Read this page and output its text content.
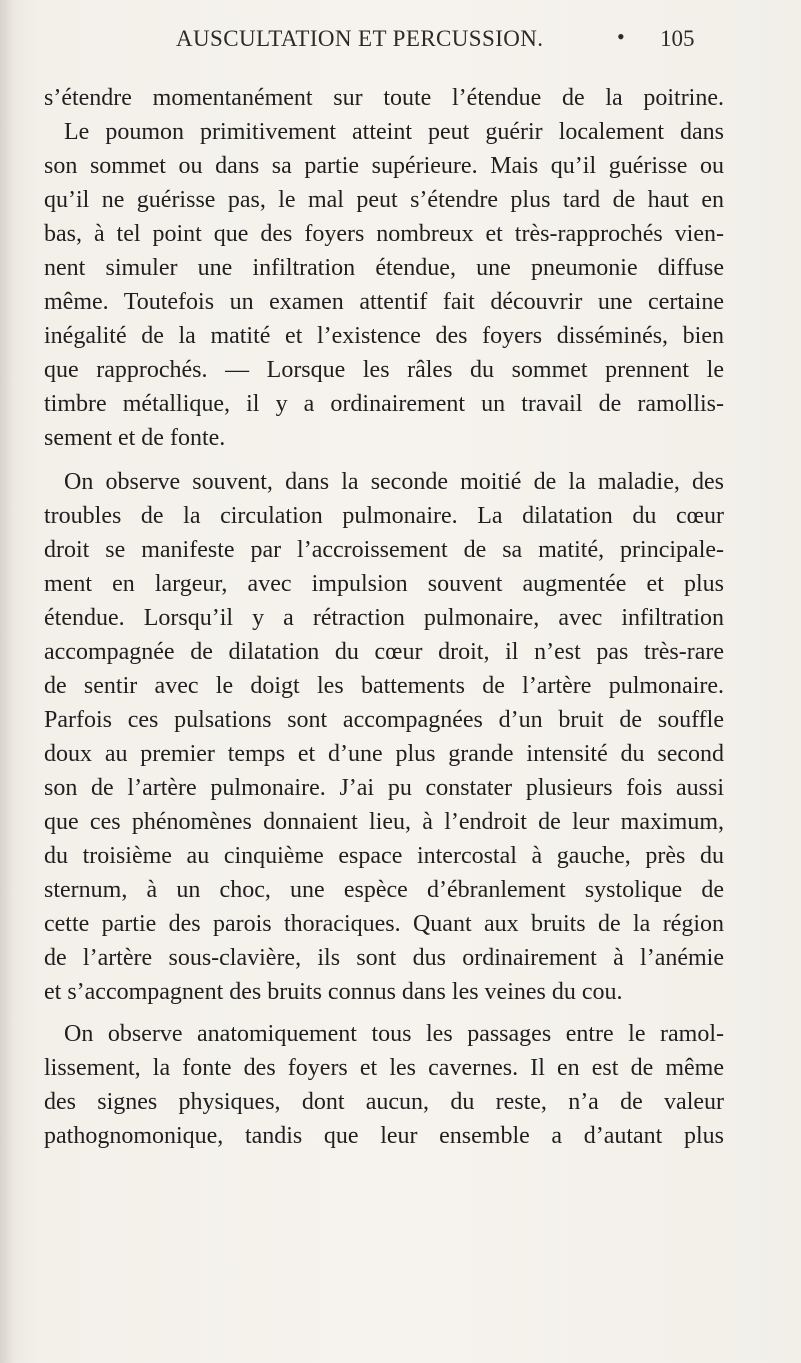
AUSCULTATION ET PERCUSSION.	• 105
s’étendre momentanément sur toute l’étendue de la poitrine.
Le poumon primitivement atteint peut guérir localement dans
son sommet ou dans sa partie supérieure. Mais qu’il guérisse ou
qu’il ne guérisse pas, le mal peut s’étendre plus tard de haut en
bas, à tel point que des foyers nombreux et très-rapprochés vien-
nent simuler une infiltration étendue, une pneumonie diffuse
même. Toutefois un examen attentif fait découvrir une certaine
inégalité de la matité et l’existence des foyers disséminés, bien
que rapprochés. — Lorsque les râles du sommet prennent le
timbre métallique, il y a ordinairement un travail de ramollis-
sement et de fonte.
On observe souvent, dans la seconde moitié de la maladie, des
troubles de la circulation pulmonaire. La dilatation du cœur
droit se manifeste par l’accroissement de sa matité, principale-
ment en largeur, avec impulsion souvent augmentée et plus
étendue. Lorsqu’il y a rétraction pulmonaire, avec infiltration
accompagnée de dilatation du cœur droit, il n’est pas très-rare
de sentir avec le doigt les battements de l’artère pulmonaire.
Parfois ces pulsations sont accompagnées d’un bruit de souffle
doux au premier temps et d’une plus grande intensité du second
son de l’artère pulmonaire. J’ai pu constater plusieurs fois aussi
que ces phénomènes donnaient lieu, à l’endroit de leur maximum,
du troisième au cinquième espace intercostal à gauche, près du
sternum, à un choc, une espèce d’ébranlement systolique de
cette partie des parois thoraciques. Quant aux bruits de la région
de l’artère sous-clavière, ils sont dus ordinairement à l’anémie
et s’accompagnent des bruits connus dans les veines du cou.
On observe anatomiquement tous les passages entre le ramol-
lissement, la fonte des foyers et les cavernes. Il en est de même
des signes physiques, dont aucun, du reste, n’a de valeur
pathognomonique, tandis que leur ensemble a d’autant plus
